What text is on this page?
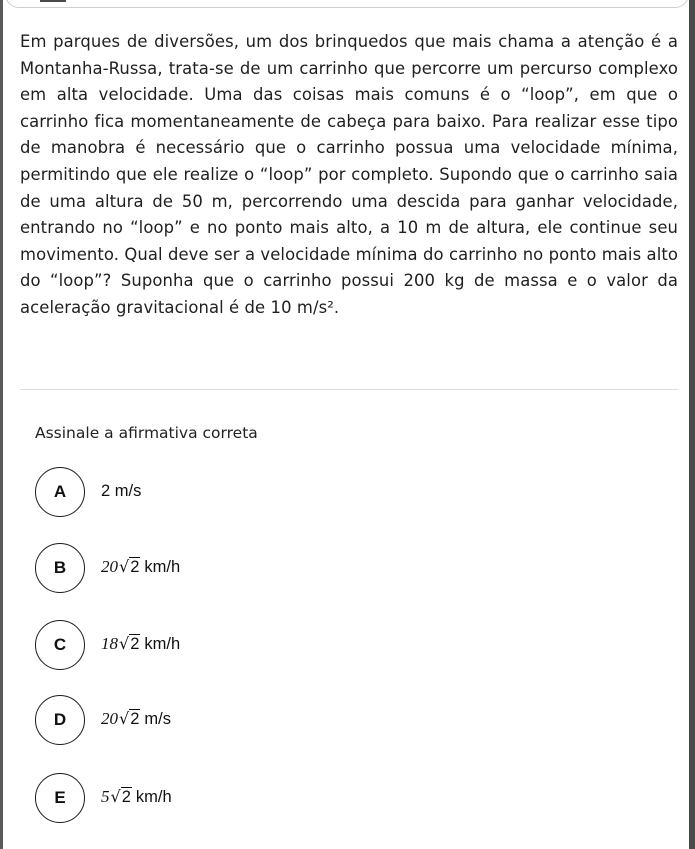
Em parques de diversões, um dos brinquedos que mais chama a atenção é a Montanha-Russa, trata-se de um carrinho que percorre um percurso complexo em alta velocidade. Uma das coisas mais comuns é o “loop”, em que o carrinho fica momentaneamente de cabeça para baixo. Para realizar esse tipo de manobra é necessário que o carrinho possua uma velocidade mínima, permitindo que ele realize o “loop” por completo. Supondo que o carrinho saia de uma altura de 50 m, percorrendo uma descida para ganhar velocidade, entrando no “loop” e no ponto mais alto, a 10 m de altura, ele continue seu movimento. Qual deve ser a velocidade mínima do carrinho no ponto mais alto do “loop”? Suponha que o carrinho possui 200 kg de massa e o valor da aceleração gravitacional é de 10 m/s².

Assinale a afirmativa correta

A	2 m/s
B	20√2 km/h
C	18√2 km/h
D	20√2 m/s
E	5√2 km/h
